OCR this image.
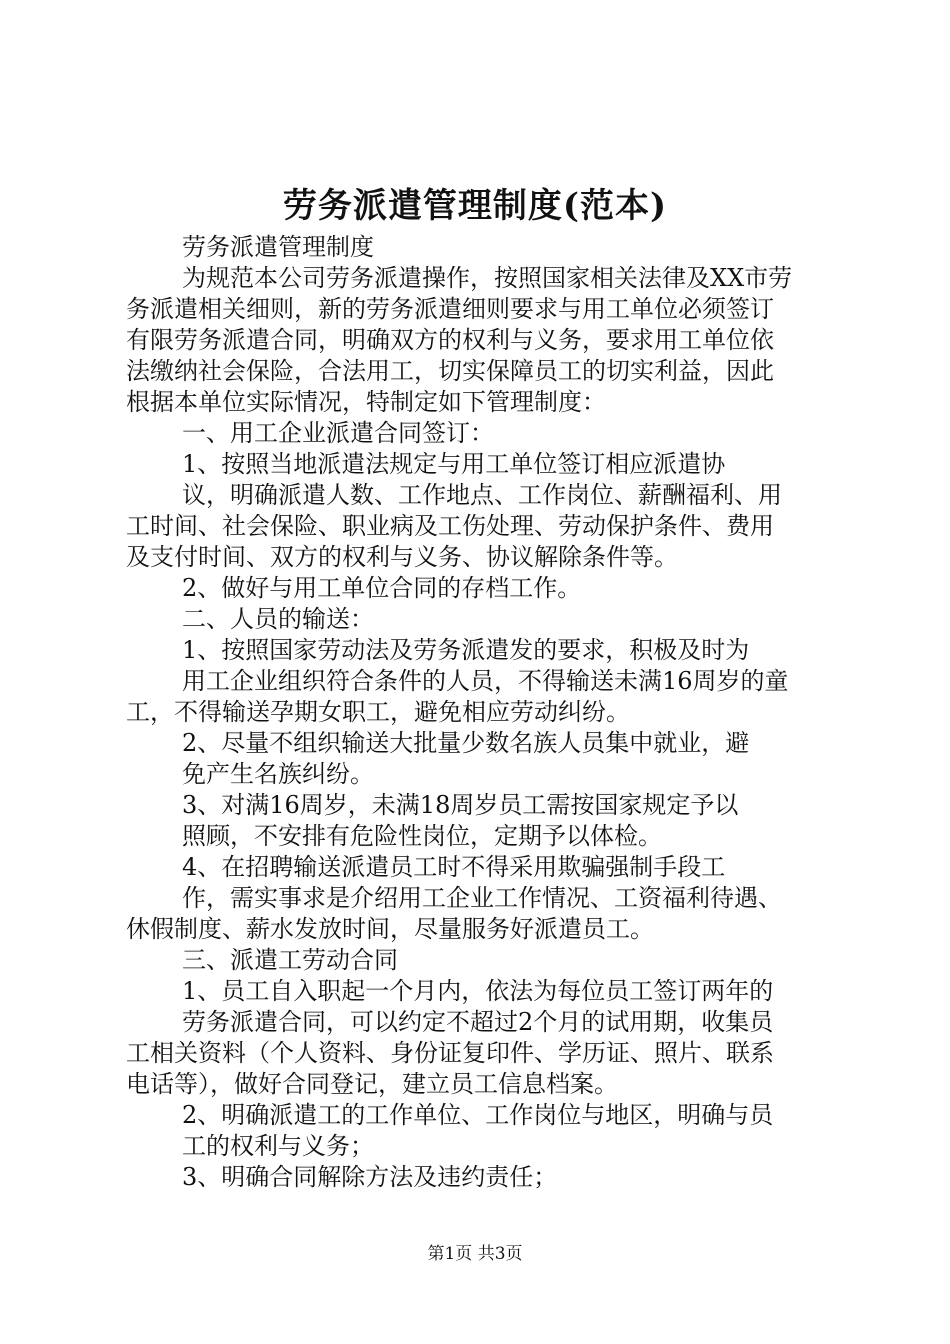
劳务派遣管理制度(范本)
劳务派遣管理制度
为规范本公司劳务派遣操作，按照国家相关法律及XX市劳
务派遣相关细则，新的劳务派遣细则要求与用工单位必须签订
有限劳务派遣合同，明确双方的权利与义务，要求用工单位依
法缴纳社会保险，合法用工，切实保障员工的切实利益，因此
根据本单位实际情况，特制定如下管理制度：
一、用工企业派遣合同签订：
1、按照当地派遣法规定与用工单位签订相应派遣协
议，明确派遣人数、工作地点、工作岗位、薪酬福利、用
工时间、社会保险、职业病及工伤处理、劳动保护条件、费用
及支付时间、双方的权利与义务、协议解除条件等。
2、做好与用工单位合同的存档工作。
二、人员的输送：
1、按照国家劳动法及劳务派遣发的要求，积极及时为
用工企业组织符合条件的人员，不得输送未满16周岁的童
工，不得输送孕期女职工，避免相应劳动纠纷。
2、尽量不组织输送大批量少数名族人员集中就业，避
免产生名族纠纷。
3、对满16周岁，未满18周岁员工需按国家规定予以
照顾，不安排有危险性岗位，定期予以体检。
4、在招聘输送派遣员工时不得采用欺骗强制手段工
作，需实事求是介绍用工企业工作情况、工资福利待遇、
休假制度、薪水发放时间，尽量服务好派遣员工。
三、派遣工劳动合同
1、员工自入职起一个月内，依法为每位员工签订两年的
劳务派遣合同，可以约定不超过2个月的试用期，收集员
工相关资料（个人资料、身份证复印件、学历证、照片、联系
电话等），做好合同登记，建立员工信息档案。
2、明确派遣工的工作单位、工作岗位与地区，明确与员
工的权利与义务；
3、明确合同解除方法及违约责任；
第1页 共3页
